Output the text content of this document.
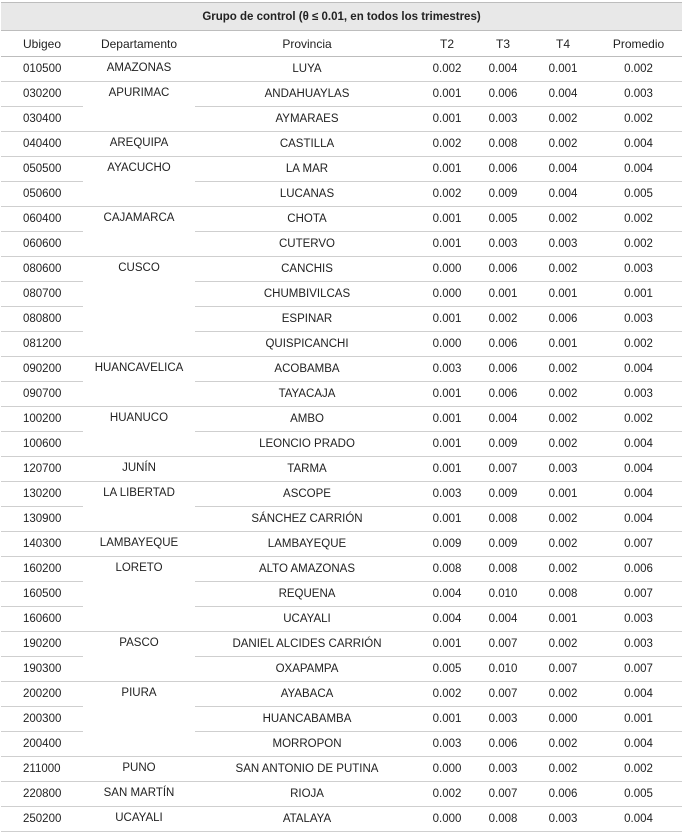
Grupo de control (θ ≤ 0.01, en todos los trimestres)						
Ubigeo	Departamento	Provincia	T2	T3	T4	Promedio
010500	AMAZONAS	LUYA	0.002	0.004	0.001	0.002
030200	APURIMAC	ANDAHUAYLAS	0.001	0.006	0.004	0.003
030400		AYMARAES	0.001	0.003	0.002	0.002
040400	AREQUIPA	CASTILLA	0.002	0.008	0.002	0.004
050500	AYACUCHO	LA MAR	0.001	0.006	0.004	0.004
050600		LUCANAS	0.002	0.009	0.004	0.005
060400	CAJAMARCA	CHOTA	0.001	0.005	0.002	0.002
060600		CUTERVO	0.001	0.003	0.003	0.002
080600	CUSCO	CANCHIS	0.000	0.006	0.002	0.003
080700		CHUMBIVILCAS	0.000	0.001	0.001	0.001
080800		ESPINAR	0.001	0.002	0.006	0.003
081200		QUISPICANCHI	0.000	0.006	0.001	0.002
090200	HUANCAVELICA	ACOBAMBA	0.003	0.006	0.002	0.004
090700		TAYACAJA	0.001	0.006	0.002	0.003
100200	HUANUCO	AMBO	0.001	0.004	0.002	0.002
100600		LEONCIO PRADO	0.001	0.009	0.002	0.004
120700	JUNÍN	TARMA	0.001	0.007	0.003	0.004
130200	LA LIBERTAD	ASCOPE	0.003	0.009	0.001	0.004
130900		SÁNCHEZ CARRIÓN	0.001	0.008	0.002	0.004
140300	LAMBAYEQUE	LAMBAYEQUE	0.009	0.009	0.002	0.007
160200	LORETO	ALTO AMAZONAS	0.008	0.008	0.002	0.006
160500		REQUENA	0.004	0.010	0.008	0.007
160600		UCAYALI	0.004	0.004	0.001	0.003
190200	PASCO	DANIEL ALCIDES CARRIÓN	0.001	0.007	0.002	0.003
190300		OXAPAMPA	0.005	0.010	0.007	0.007
200200	PIURA	AYABACA	0.002	0.007	0.002	0.004
200300		HUANCABAMBA	0.001	0.003	0.000	0.001
200400		MORROPON	0.003	0.006	0.002	0.004
211000	PUNO	SAN ANTONIO DE PUTINA	0.000	0.003	0.002	0.002
220800	SAN MARTÍN	RIOJA	0.002	0.007	0.006	0.005
250200	UCAYALI	ATALAYA	0.000	0.008	0.003	0.004
